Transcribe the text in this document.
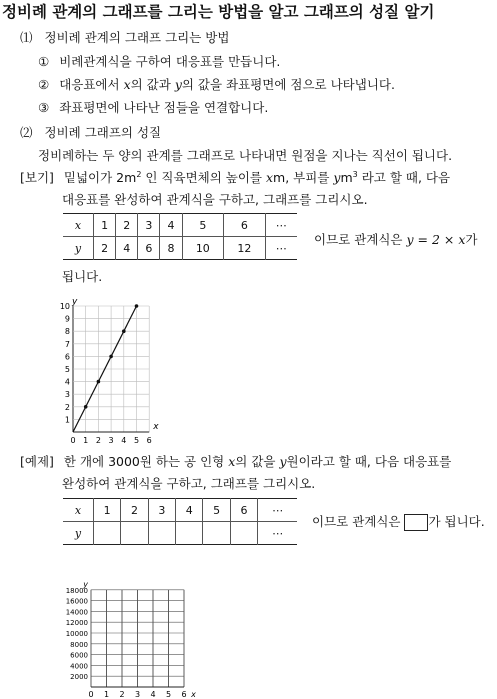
정비례 관계의 그래프를 그리는 방법을 알고 그래프의 성질 알기
⑴ 정비례 관계의 그래프 그리는 방법
① 비례관계식을 구하여 대응표를 만듭니다.
② 대응표에서 x의 값과 y의 값을 좌표평면에 점으로 나타냅니다.
③ 좌표평면에 나타난 점들을 연결합니다.
⑵ 정비례 그래프의 성질
정비례하는 두 양의 관계를 그래프로 나타내면 원점을 지나는 직선이 됩니다.
[보기] 밑넓이가 $2m^2$ 인 직육면체의 높이를 xm, 부피를 $ym^3$ 라고 할 때, 다음
대응표를 완성하여 관계식을 구하고, 그래프를 그리시오.
x	1	2	3	4	5	6	⋯
y	2	4	6	8	10	12	⋯
이므로 관계식은 y = 2 × x가
됩니다.
0 1 2 3 4 5 6
1
2
3
4
5
6
7
8
9
10
x
y
[예제] 한 개에 3000원 하는 공 인형 x의 값을 y원이라고 할 때, 다음 대응표를
완성하여 관계식을 구하고, 그래프를 그리시오.
x	1	2	3	4	5	6	⋯
y							⋯
이므로 관계식은 가 됩니다.
0 1 2 3 4 5 6 x
2000
4000
6000
8000
10000
12000
14000
16000
18000
y
